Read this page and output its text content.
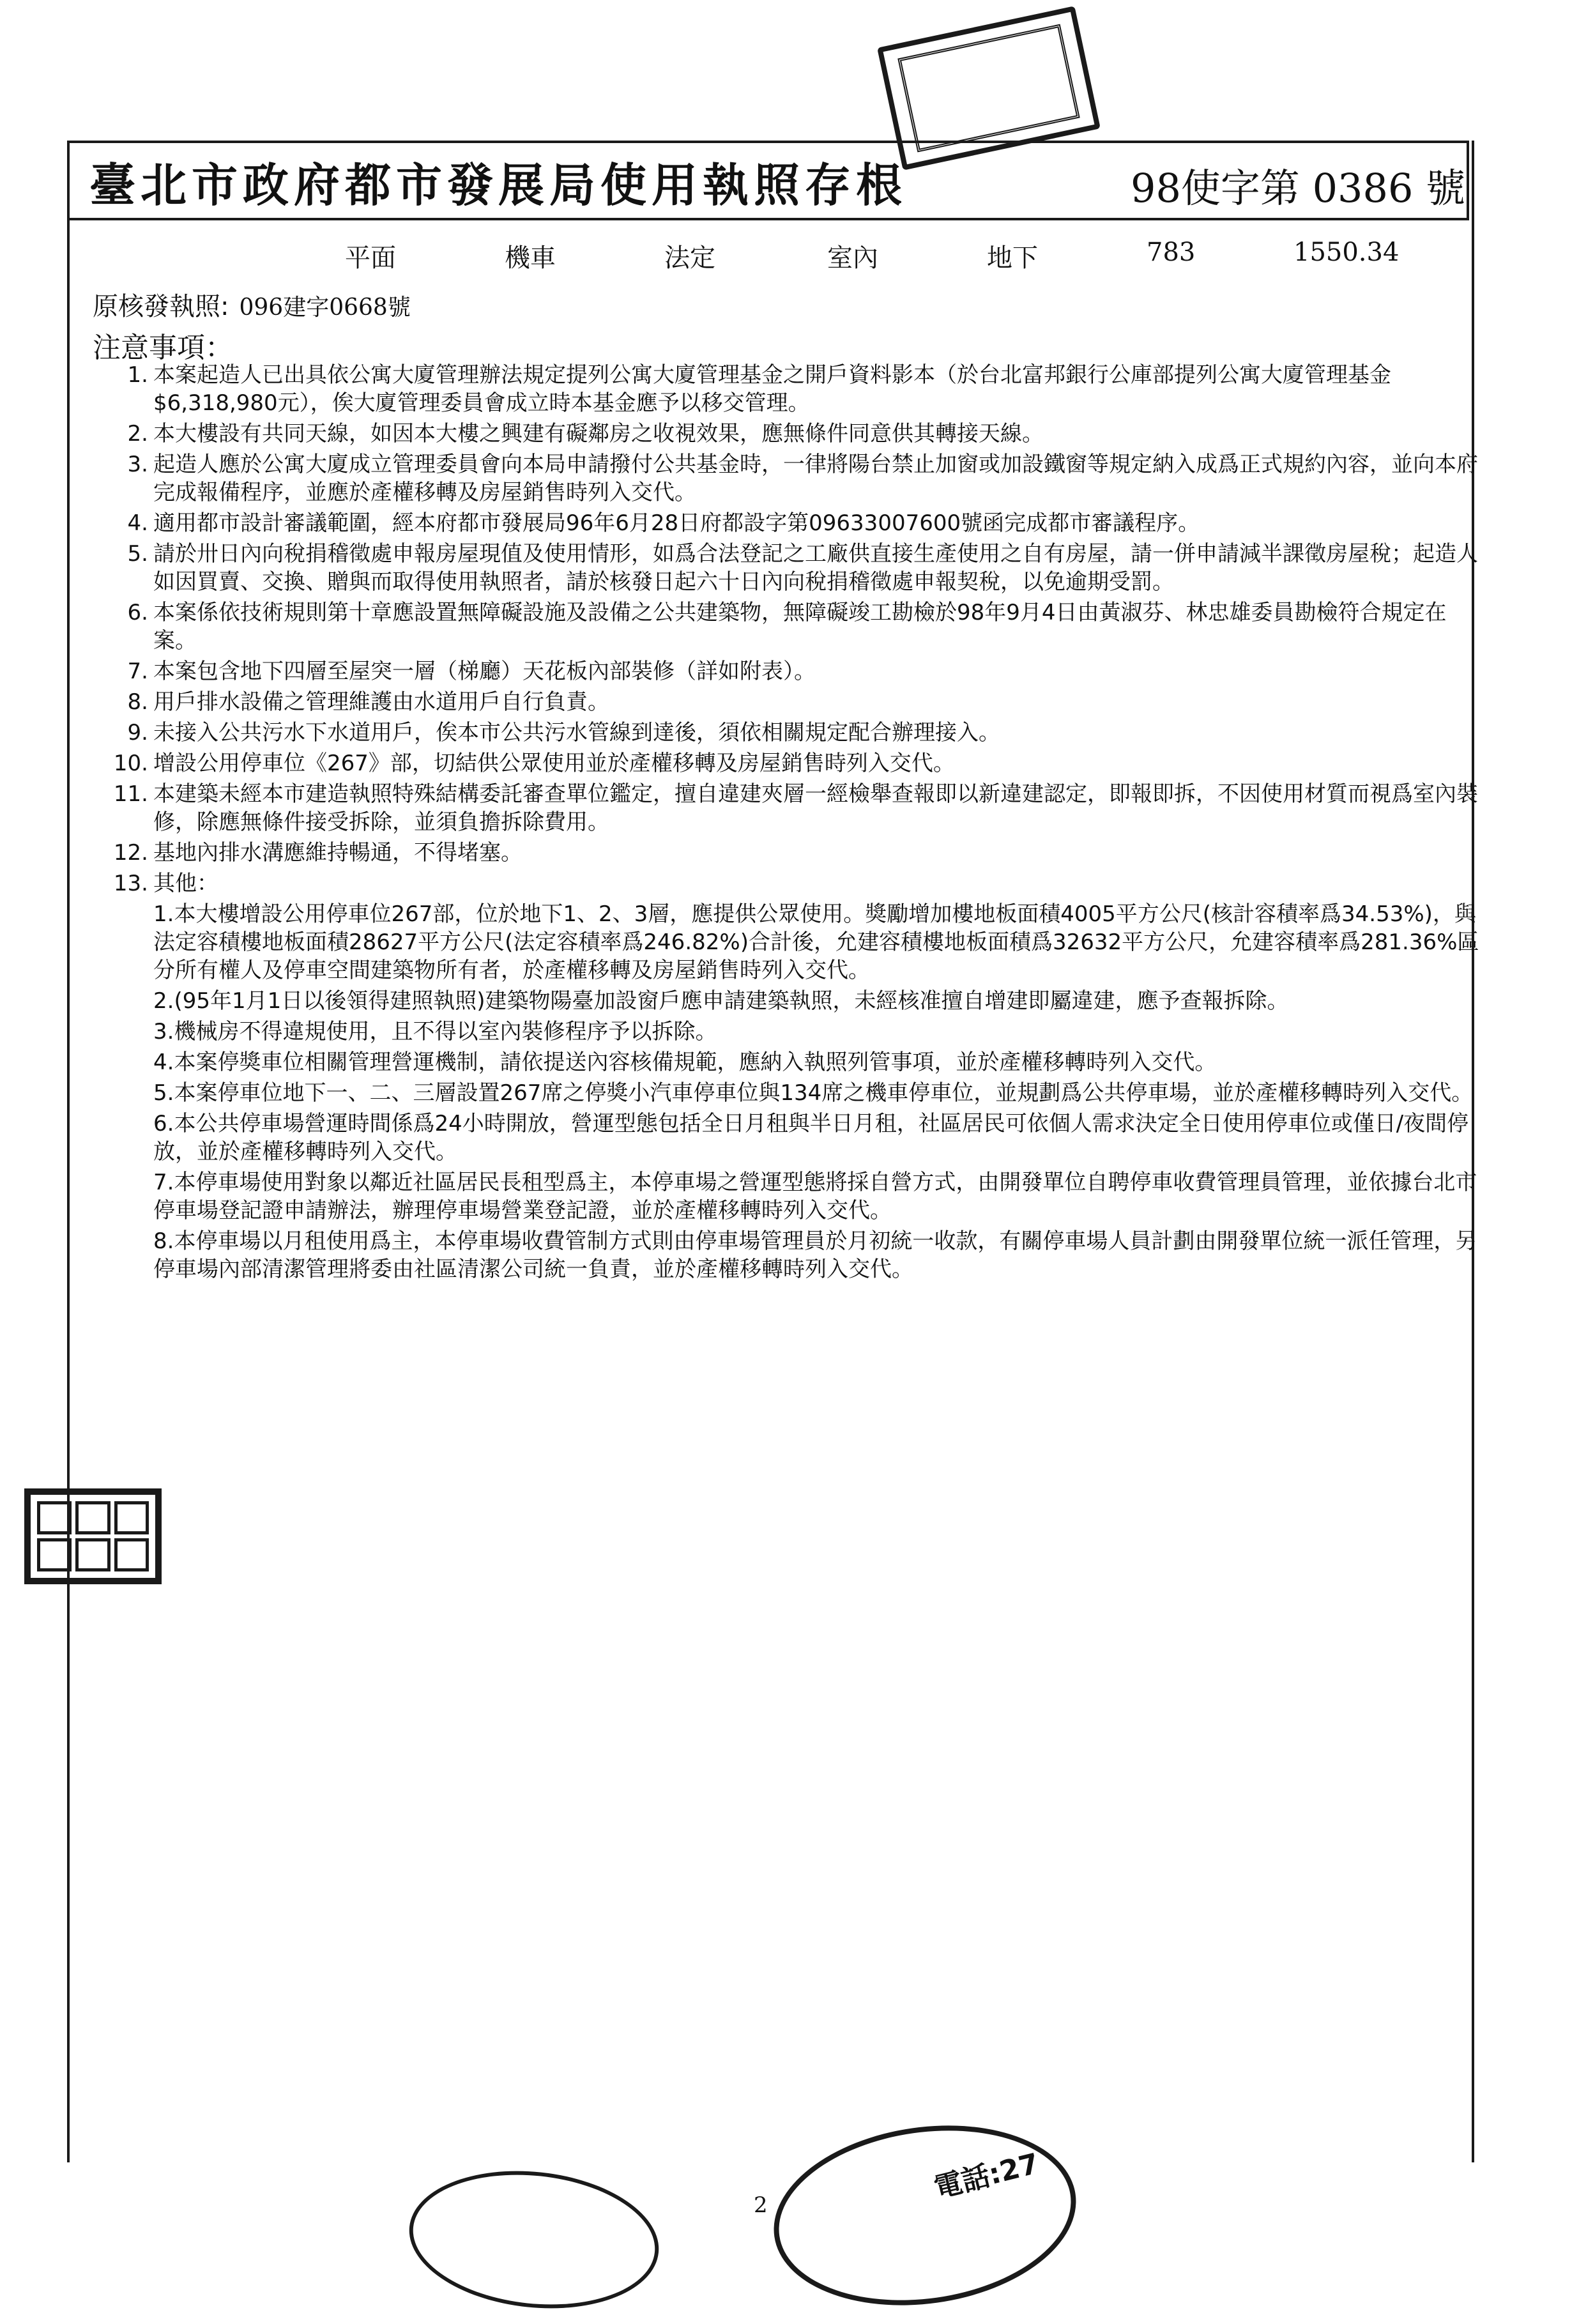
臺北市政府都市發展局使用執照存根	98使字第 0386 號
平面	機車	法定	室內	地下	783	1550.34
原核發執照: 096建字0668號
注意事項：
1. 本案起造人已出具依公寓大廈管理辦法規定提列公寓大廈管理基金之開戶資料影本（於台北富邦銀行公庫部提列公寓大廈管理基金$6,318,980元），俟大廈管理委員會成立時本基金應予以移交管理。
2. 本大樓設有共同天線，如因本大樓之興建有礙鄰房之收視效果，應無條件同意供其轉接天線。
3. 起造人應於公寓大廈成立管理委員會向本局申請撥付公共基金時，一律將陽台禁止加窗或加設鐵窗等規定納入成爲正式規約內容，並向本府完成報備程序，並應於產權移轉及房屋銷售時列入交代。
4. 適用都市設計審議範圍，經本府都市發展局96年6月28日府都設字第09633007600號函完成都市審議程序。
5. 請於卅日內向稅捐稽徵處申報房屋現值及使用情形，如爲合法登記之工廠供直接生產使用之自有房屋，請一併申請減半課徵房屋稅；起造人如因買賣、交換、贈與而取得使用執照者，請於核發日起六十日內向稅捐稽徵處申報契稅，以免逾期受罰。
6. 本案係依技術規則第十章應設置無障礙設施及設備之公共建築物，無障礙竣工勘檢於98年9月4日由黃淑芬、林忠雄委員勘檢符合規定在案。
7. 本案包含地下四層至屋突一層（梯廳）天花板內部裝修（詳如附表）。
8. 用戶排水設備之管理維護由水道用戶自行負責。
9. 未接入公共污水下水道用戶，俟本市公共污水管線到達後，須依相關規定配合辦理接入。
10. 增設公用停車位《267》部，切結供公眾使用並於產權移轉及房屋銷售時列入交代。
11. 本建築未經本市建造執照特殊結構委託審查單位鑑定，擅自違建夾層一經檢舉查報即以新違建認定，即報即拆，不因使用材質而視爲室內裝修，除應無條件接受拆除，並須負擔拆除費用。
12. 基地內排水溝應維持暢通，不得堵塞。
13. 其他：
1.本大樓增設公用停車位267部，位於地下1、2、3層，應提供公眾使用。獎勵增加樓地板面積4005平方公尺(核計容積率爲34.53%)，與法定容積樓地板面積28627平方公尺(法定容積率爲246.82%)合計後，允建容積樓地板面積爲32632平方公尺，允建容積率爲281.36%區分所有權人及停車空間建築物所有者，於產權移轉及房屋銷售時列入交代。
2.(95年1月1日以後領得建照執照)建築物陽臺加設窗戶應申請建築執照，未經核准擅自增建即屬違建，應予查報拆除。
3.機械房不得違規使用，且不得以室內裝修程序予以拆除。
4.本案停獎車位相關管理營運機制，請依提送內容核備規範，應納入執照列管事項，並於產權移轉時列入交代。
5.本案停車位地下一、二、三層設置267席之停獎小汽車停車位與134席之機車停車位，並規劃爲公共停車場，並於產權移轉時列入交代。
6.本公共停車場營運時間係爲24小時開放，營運型態包括全日月租與半日月租，社區居民可依個人需求決定全日使用停車位或僅日/夜間停放，並於產權移轉時列入交代。
7.本停車場使用對象以鄰近社區居民長租型爲主，本停車場之營運型態將採自營方式，由開發單位自聘停車收費管理員管理，並依據台北市停車場登記證申請辦法，辦理停車場營業登記證，並於產權移轉時列入交代。
8.本停車場以月租使用爲主，本停車場收費管制方式則由停車場管理員於月初統一收款，有關停車場人員計劃由開發單位統一派任管理，另停車場內部清潔管理將委由社區清潔公司統一負責，並於產權移轉時列入交代。
電話:27
2
